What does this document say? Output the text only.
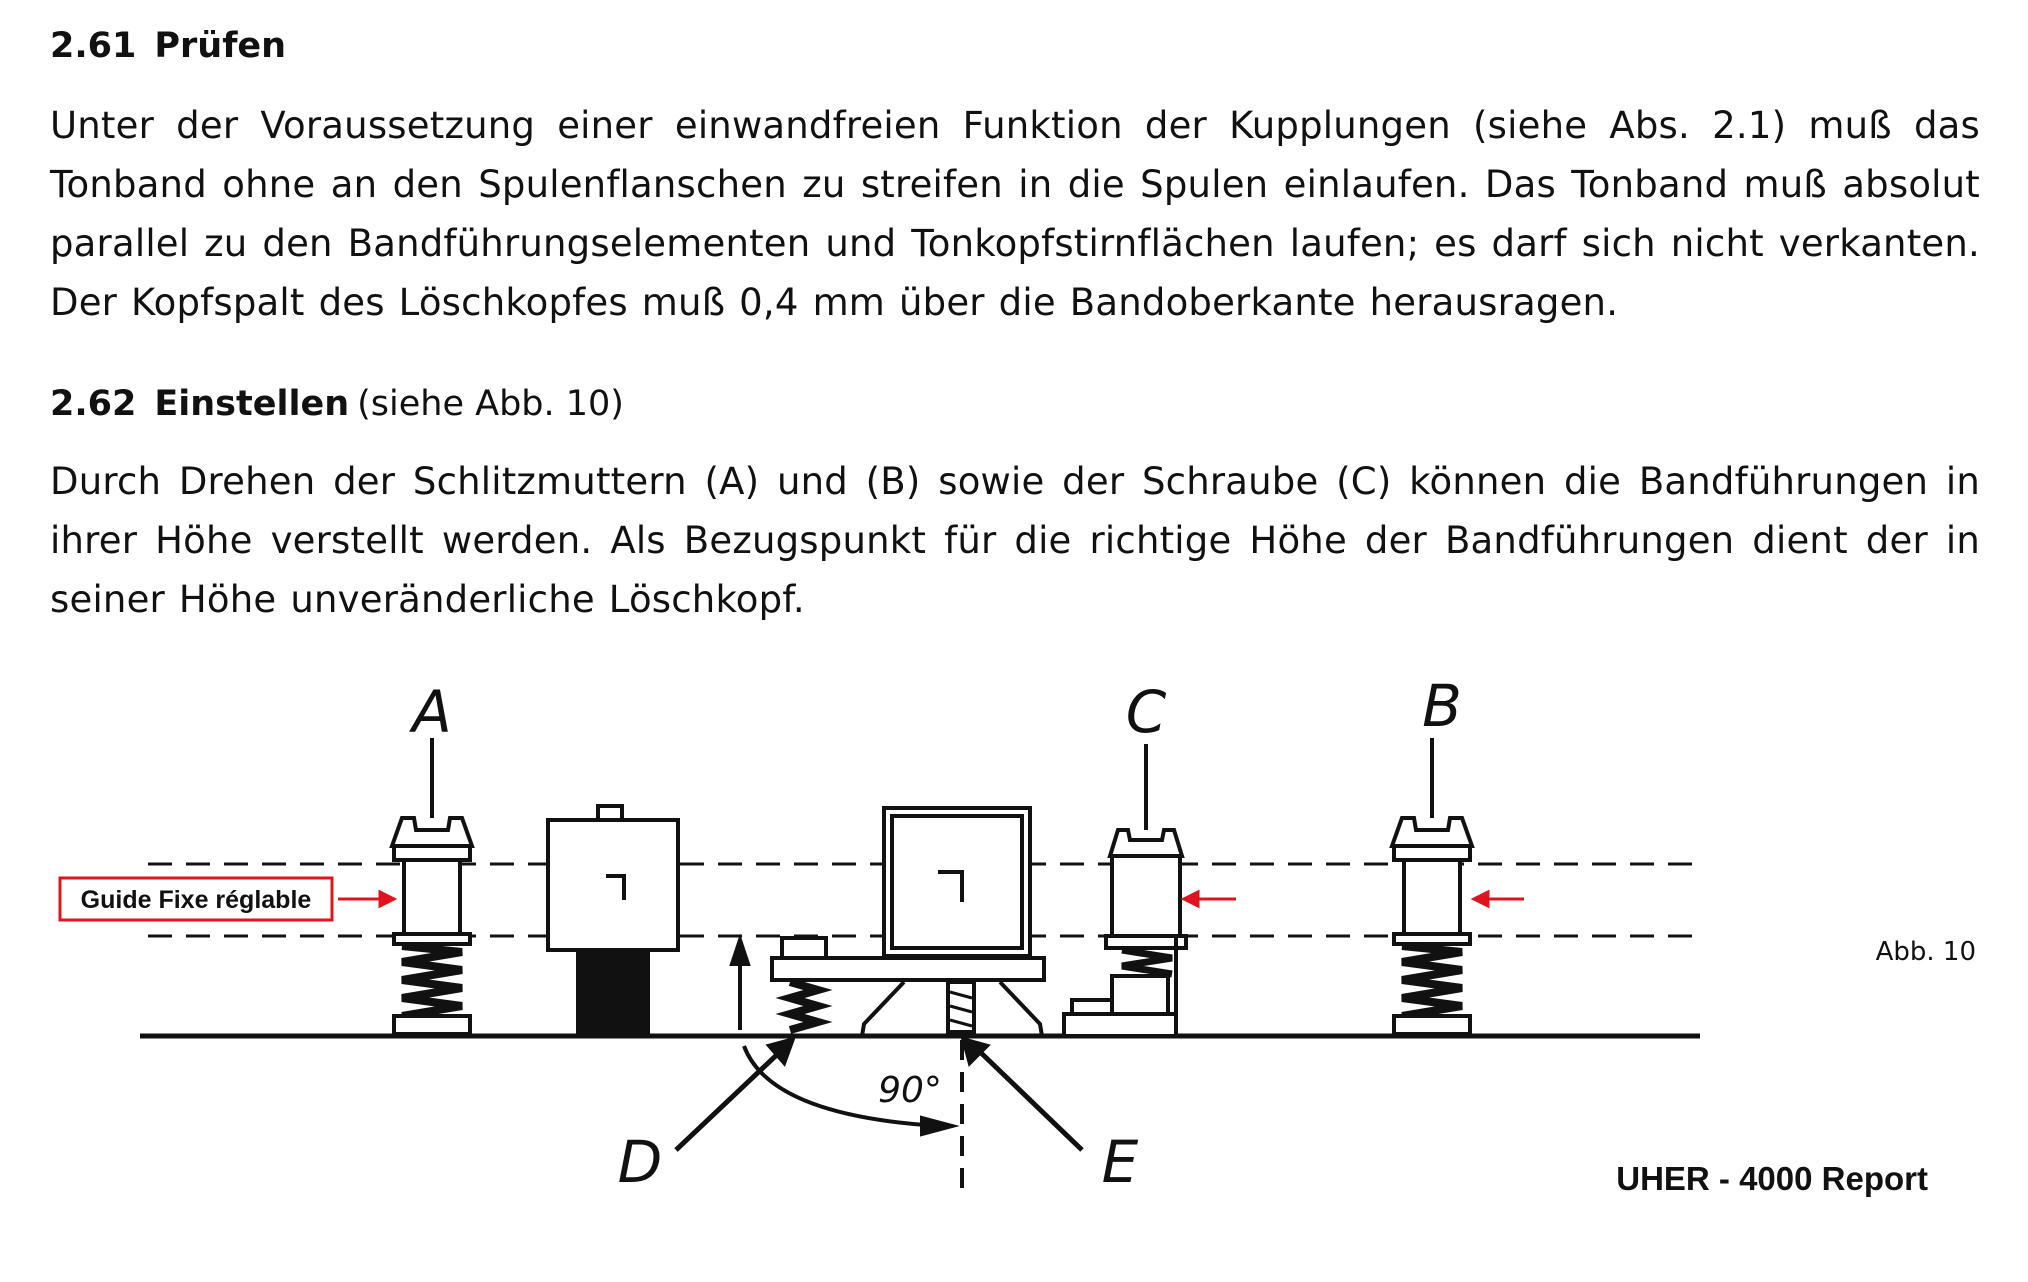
2.61 Prüfen
Unter der Voraussetzung einer einwandfreien Funktion der Kupplungen (siehe Abs. 2.1) muß das Tonband ohne an den Spulenflanschen zu streifen in die Spulen einlaufen. Das Tonband muß absolut parallel zu den Bandführungselementen und Tonkopfstirnflächen laufen; es darf sich nicht verkanten. Der Kopfspalt des Löschkopfes muß 0,4 mm über die Bandoberkante herausragen.
2.62 Einstellen (siehe Abb. 10)
Durch Drehen der Schlitzmuttern (A) und (B) sowie der Schraube (C) können die Bandführungen in ihrer Höhe verstellt werden. Als Bezugspunkt für die richtige Höhe der Bandführungen dient der in seiner Höhe unveränderliche Löschkopf.
Guide Fixe réglable
A	C	B
D	E
90°
Abb. 10
UHER - 4000 Report
